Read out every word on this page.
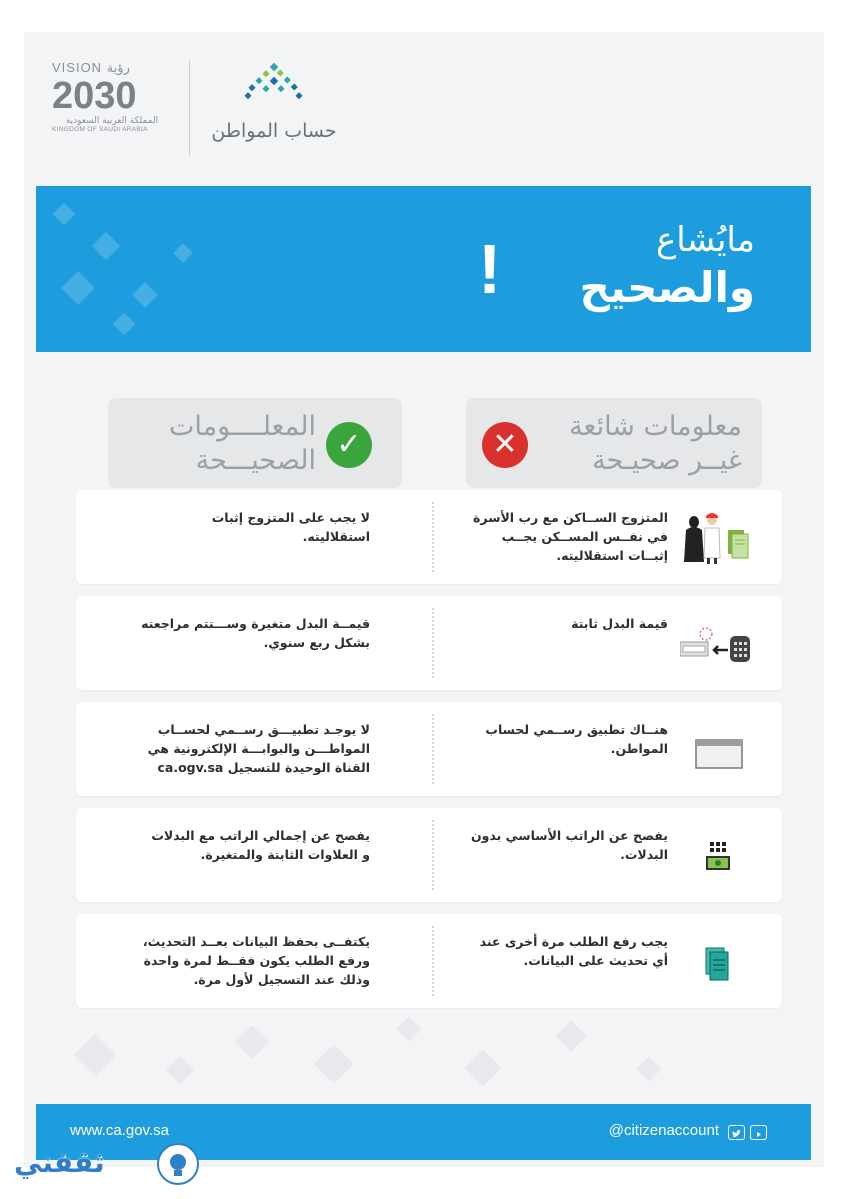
VISION رؤية
2030
المملكة العربية السعودية
KINGDOM OF SAUDI ARABIA	حساب المواطن
مايُشاع
والصحيح
!
✕
معلومات شائعة
غيــر صحيـحة
✓
المعلــــومات
الصحيـــحة
المتزوج الســاكن مع رب الأسرة في نفــس المســكن يجــب إثبــات استقلاليته.
لا يجب على المتزوج إثبات استقلاليته.
قيمة البدل ثابتة
قيمــة البدل متغيرة وســـتتم مراجعته بشكل ربع سنوي.
هنــاك تطبيق رســمي لحساب المواطن.
لا يوجـد تطبيـــق رســمي لحســاب المواطـــن والبوابـــة الإلكترونية هي القناة الوحيدة للتسجيل ca.ogv.sa
يفصح عن الراتب الأساسي بدون البدلات.
يفصح عن إجمالي الراتب مع البدلات و العلاوات الثابتة والمتغيرة.
يجب رفع الطلب مرة أخرى عند أي تحديث على البيانات.
يكتفــى بحفظ البيانات بعــد التحديث، ورفع الطلب يكون فقــط لمرة واحدة وذلك عند التسجيل لأول مرة.
www.ca.gov.sa	@citizenaccount
ثقفني
